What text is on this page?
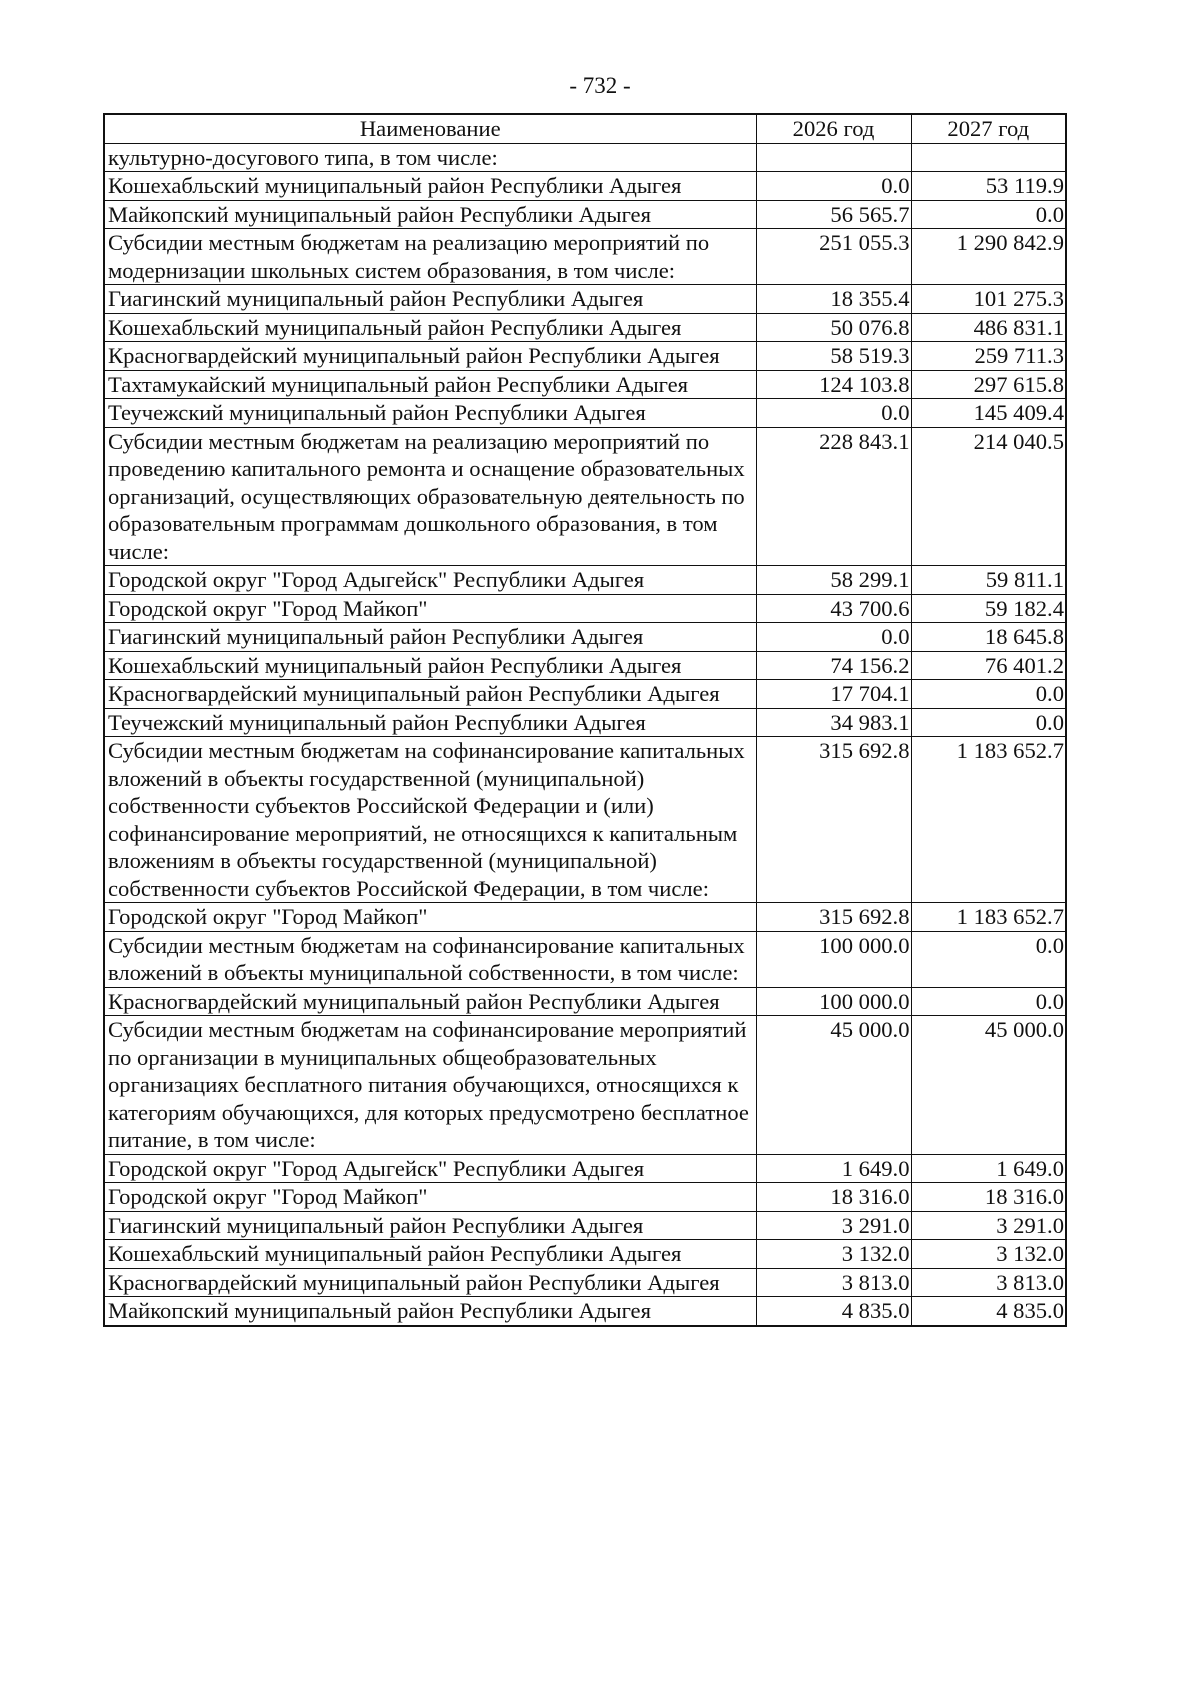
- 732 -
Наименование	2026 год	2027 год
культурно-досугового типа, в том числе:		
Кошехабльский муниципальный район Республики Адыгея	0.0	53 119.9
Майкопский муниципальный район Республики Адыгея	56 565.7	0.0
Субсидии местным бюджетам на реализацию мероприятий по модернизации школьных систем образования, в том числе:	251 055.3	1 290 842.9
Гиагинский муниципальный район Республики Адыгея	18 355.4	101 275.3
Кошехабльский муниципальный район Республики Адыгея	50 076.8	486 831.1
Красногвардейский муниципальный район Республики Адыгея	58 519.3	259 711.3
Тахтамукайский муниципальный район Республики Адыгея	124 103.8	297 615.8
Теучежский муниципальный район Республики Адыгея	0.0	145 409.4
Субсидии местным бюджетам на реализацию мероприятий по проведению капитального ремонта и оснащение образовательных организаций, осуществляющих образовательную деятельность по образовательным программам дошкольного образования, в том числе:	228 843.1	214 040.5
Городской округ "Город Адыгейск" Республики Адыгея	58 299.1	59 811.1
Городской округ "Город Майкоп"	43 700.6	59 182.4
Гиагинский муниципальный район Республики Адыгея	0.0	18 645.8
Кошехабльский муниципальный район Республики Адыгея	74 156.2	76 401.2
Красногвардейский муниципальный район Республики Адыгея	17 704.1	0.0
Теучежский муниципальный район Республики Адыгея	34 983.1	0.0
Субсидии местным бюджетам на софинансирование капитальных вложений в объекты государственной (муниципальной) собственности субъектов Российской Федерации и (или) софинансирование мероприятий, не относящихся к капитальным вложениям в объекты государственной (муниципальной) собственности субъектов Российской Федерации, в том числе:	315 692.8	1 183 652.7
Городской округ "Город Майкоп"	315 692.8	1 183 652.7
Субсидии местным бюджетам на софинансирование капитальных вложений в объекты муниципальной собственности, в том числе:	100 000.0	0.0
Красногвардейский муниципальный район Республики Адыгея	100 000.0	0.0
Субсидии местным бюджетам на софинансирование мероприятий по организации в муниципальных общеобразовательных организациях бесплатного питания обучающихся, относящихся к категориям обучающихся, для которых предусмотрено бесплатное питание, в том числе:	45 000.0	45 000.0
Городской округ "Город Адыгейск" Республики Адыгея	1 649.0	1 649.0
Городской округ "Город Майкоп"	18 316.0	18 316.0
Гиагинский муниципальный район Республики Адыгея	3 291.0	3 291.0
Кошехабльский муниципальный район Республики Адыгея	3 132.0	3 132.0
Красногвардейский муниципальный район Республики Адыгея	3 813.0	3 813.0
Майкопский муниципальный район Республики Адыгея	4 835.0	4 835.0
